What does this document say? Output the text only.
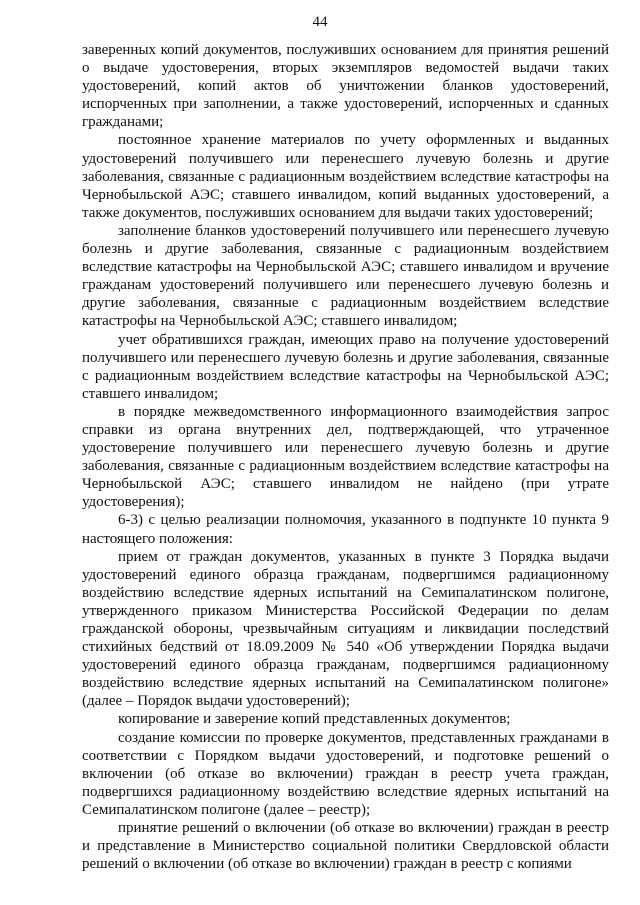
44

заверенных копий документов, послуживших основанием для принятия решений о выдаче удостоверения, вторых экземпляров ведомостей выдачи таких удостоверений, копий актов об уничтожении бланков удостоверений, испорченных при заполнении, а также удостоверений, испорченных и сданных гражданами;

постоянное хранение материалов по учету оформленных и выданных удостоверений получившего или перенесшего лучевую болезнь и другие заболевания, связанные с радиационным воздействием вследствие катастрофы на Чернобыльской АЭС; ставшего инвалидом, копий выданных удостоверений, а также документов, послуживших основанием для выдачи таких удостоверений;

заполнение бланков удостоверений получившего или перенесшего лучевую болезнь и другие заболевания, связанные с радиационным воздействием вследствие катастрофы на Чернобыльской АЭС; ставшего инвалидом и вручение гражданам удостоверений получившего или перенесшего лучевую болезнь и другие заболевания, связанные с радиационным воздействием вследствие катастрофы на Чернобыльской АЭС; ставшего инвалидом;

учет обратившихся граждан, имеющих право на получение удостоверений получившего или перенесшего лучевую болезнь и другие заболевания, связанные с радиационным воздействием вследствие катастрофы на Чернобыльской АЭС; ставшего инвалидом;

в порядке межведомственного информационного взаимодействия запрос справки из органа внутренних дел, подтверждающей, что утраченное удостоверение получившего или перенесшего лучевую болезнь и другие заболевания, связанные с радиационным воздействием вследствие катастрофы на Чернобыльской АЭС; ставшего инвалидом не найдено (при утрате удостоверения);

6-3) с целью реализации полномочия, указанного в подпункте 10 пункта 9 настоящего положения:

прием от граждан документов, указанных в пункте 3 Порядка выдачи удостоверений единого образца гражданам, подвергшимся радиационному воздействию вследствие ядерных испытаний на Семипалатинском полигоне, утвержденного приказом Министерства Российской Федерации по делам гражданской обороны, чрезвычайным ситуациям и ликвидации последствий стихийных бедствий от 18.09.2009 № 540 «Об утверждении Порядка выдачи удостоверений единого образца гражданам, подвергшимся радиационному воздействию вследствие ядерных испытаний на Семипалатинском полигоне» (далее – Порядок выдачи удостоверений);

копирование и заверение копий представленных документов;

создание комиссии по проверке документов, представленных гражданами в соответствии с Порядком выдачи удостоверений, и подготовке решений о включении (об отказе во включении) граждан в реестр учета граждан, подвергшихся радиационному воздействию вследствие ядерных испытаний на Семипалатинском полигоне (далее – реестр);

принятие решений о включении (об отказе во включении) граждан в реестр и представление в Министерство социальной политики Свердловской области решений о включении (об отказе во включении) граждан в реестр с копиями
